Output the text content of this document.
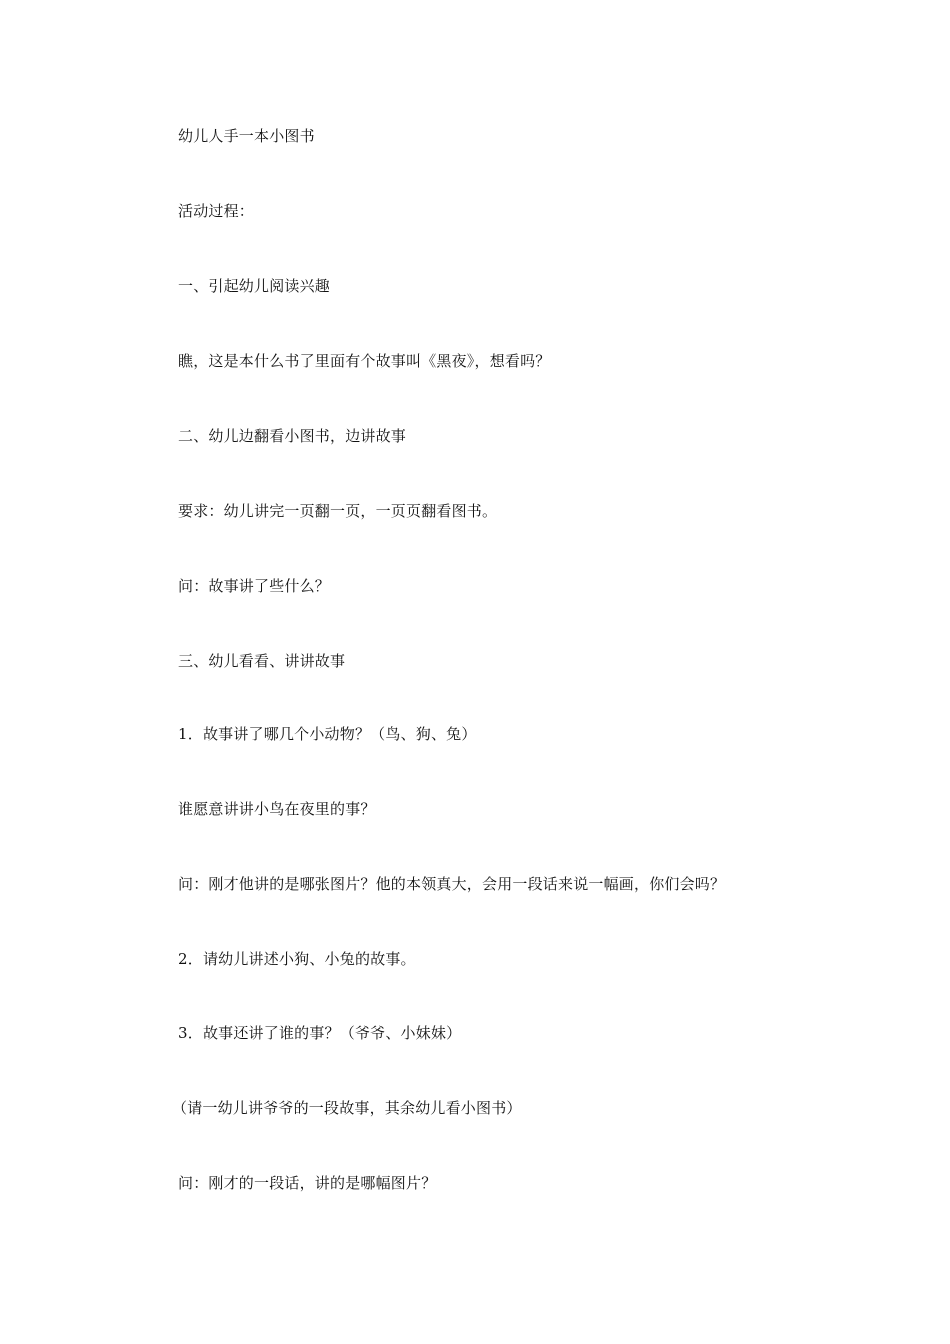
幼儿人手一本小图书
活动过程：
一、引起幼儿阅读兴趣
瞧，这是本什么书了里面有个故事叫《黑夜》，想看吗？
二、幼儿边翻看小图书，边讲故事
要求：幼儿讲完一页翻一页，一页页翻看图书。
问：故事讲了些什么？
三、幼儿看看、讲讲故事
1．故事讲了哪几个小动物？（鸟、狗、兔）
谁愿意讲讲小鸟在夜里的事？
问：刚才他讲的是哪张图片？他的本领真大，会用一段话来说一幅画，你们会吗？
2．请幼儿讲述小狗、小兔的故事。
3．故事还讲了谁的事？（爷爷、小妹妹）
（请一幼儿讲爷爷的一段故事，其余幼儿看小图书）
问：刚才的一段话，讲的是哪幅图片？
